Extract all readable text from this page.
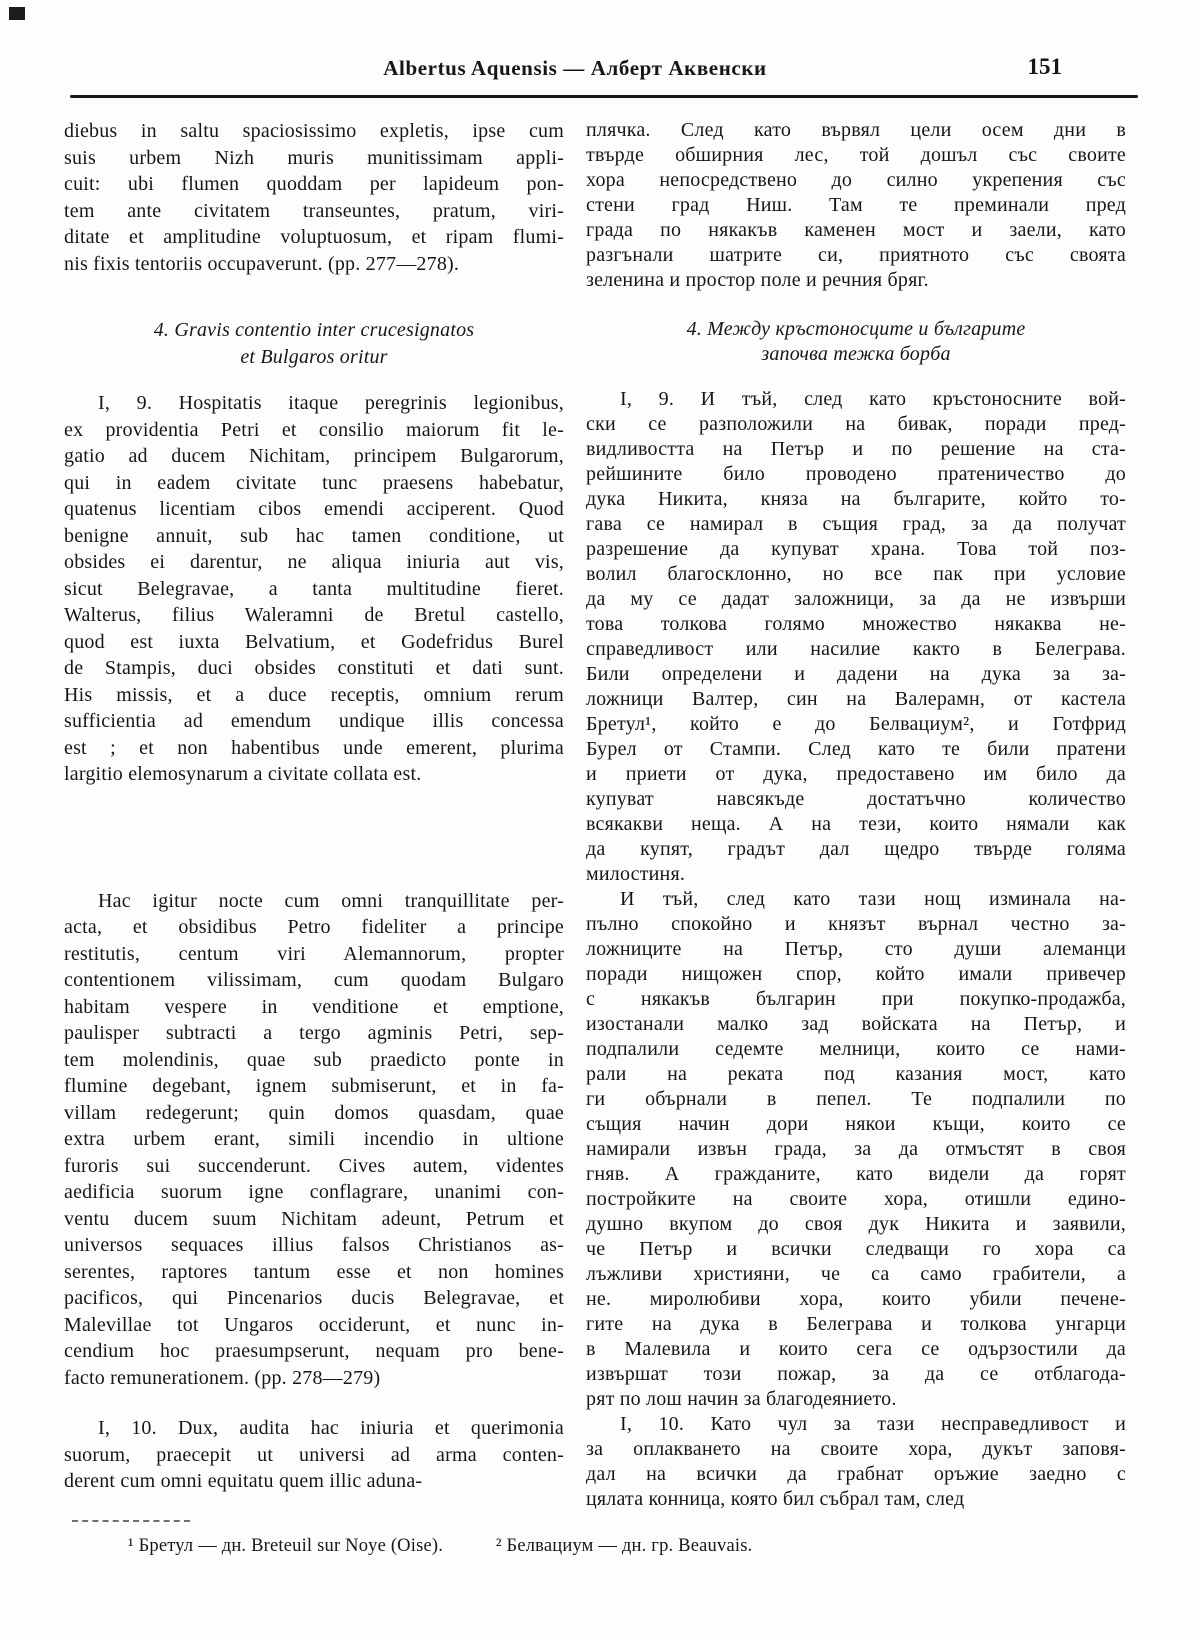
Albertus Aquensis — Алберт Аквенски	151
diebus in saltu spaciosissimo expletis, ipse cum
suis urbem Nizh muris munitissimam appli-
cuit: ubi flumen quoddam per lapideum pon-
tem ante civitatem transeuntes, pratum, viri-
ditate et amplitudine voluptuosum, et ripam flumi-
nis fixis tentoriis occupaverunt. (pp. 277—278).
4. Gravis contentio inter crucesignatos
et Bulgaros oritur
I, 9. Hospitatis itaque peregrinis legionibus,
ex providentia Petri et consilio maiorum fit le-
gatio ad ducem Nichitam, principem Bulgarorum,
qui in eadem civitate tunc praesens habebatur,
quatenus licentiam cibos emendi acciperent. Quod
benigne annuit, sub hac tamen conditione, ut
obsides ei darentur, ne aliqua iniuria aut vis,
sicut Belegravae, a tanta multitudine fieret.
Walterus, filius Waleramni de Bretul castello,
quod est iuxta Belvatium, et Godefridus Burel
de Stampis, duci obsides constituti et dati sunt.
His missis, et a duce receptis, omnium rerum
sufficientia ad emendum undique illis concessa
est ; et non habentibus unde emerent, plurima
largitio elemosynarum a civitate collata est.
Hac igitur nocte cum omni tranquillitate per-
acta, et obsidibus Petro fideliter a principe
restitutis, centum viri Alemannorum, propter
contentionem vilissimam, cum quodam Bulgaro
habitam vespere in venditione et emptione,
paulisper subtracti a tergo agminis Petri, sep-
tem molendinis, quae sub praedicto ponte in
flumine degebant, ignem submiserunt, et in fa-
villam redegerunt; quin domos quasdam, quae
extra urbem erant, simili incendio in ultione
furoris sui succenderunt. Cives autem, videntes
aedificia suorum igne conflagrare, unanimi con-
ventu ducem suum Nichitam adeunt, Petrum et
universos sequaces illius falsos Christianos as-
serentes, raptores tantum esse et non homines
pacificos, qui Pincenarios ducis Belegravae, et
Malevillae tot Ungaros occiderunt, et nunc in-
cendium hoc praesumpserunt, nequam pro bene-
facto remunerationem. (pp. 278—279)
I, 10. Dux, audita hac iniuria et querimonia
suorum, praecepit ut universi ad arma conten-
derent cum omni equitatu quem illic aduna-
плячка. След като вървял цели осем дни в
твърде обширния лес, той дошъл със своите
хора непосредствено до силно укрепения със
стени град Ниш. Там те преминали пред
града по някакъв каменен мост и заели, като
разгънали шатрите си, приятното със своята
зеленина и простор поле и речния бряг.
4. Между кръстоносците и българите
започва тежка борба
I, 9. И тъй, след като кръстоносните вой-
ски се разположили на бивак, поради пред-
видливостта на Петър и по решение на ста-
рейшините било проводено пратеничество до
дука Никита, княза на българите, който то-
гава се намирал в същия град, за да получат
разрешение да купуват храна. Това той поз-
волил благосклонно, но все пак при условие
да му се дадат заложници, за да не извърши
това толкова голямо множество някаква не-
справедливост или насилие както в Белеграва.
Били определени и дадени на дука за за-
ложници Валтер, син на Валерамн, от кастела
Бретул¹, който е до Белвациум², и Готфрид
Бурел от Стампи. След като те били пратени
и приети от дука, предоставено им било да
купуват навсякъде достатъчно количество
всякакви неща. А на тези, които нямали как
да купят, градът дал щедро твърде голяма
милостиня.
И тъй, след като тази нощ изминала на-
пълно спокойно и князът върнал честно за-
ложниците на Петър, сто души алеманци
поради нищожен спор, който имали привечер
с някакъв българин при покупко-продажба,
изостанали малко зад войската на Петър, и
подпалили седемте мелници, които се нами-
рали на реката под казания мост, като
ги обърнали в пепел. Те подпалили по
същия начин дори някои къщи, които се
намирали извън града, за да отмъстят в своя
гняв. А гражданите, като видели да горят
постройките на своите хора, отишли едино-
душно вкупом до своя дук Никита и заявили,
че Петър и всички следващи го хора са
лъжливи християни, че са само грабители, а
не. миролюбиви хора, които убили печене-
гите на дука в Белеграва и толкова унгарци
в Малевила и които сега се одързостили да
извършат този пожар, за да се отблагода-
рят по лош начин за благодеянието.
I, 10. Като чул за тази несправедливост и
за оплакването на своите хора, дукът заповя-
дал на всички да грабнат оръжие заедно с
цялата конница, която бил събрал там, след
¹ Бретул — дн. Breteuil sur Noye (Oise).	² Белвациум — дн. гр. Beauvais.
